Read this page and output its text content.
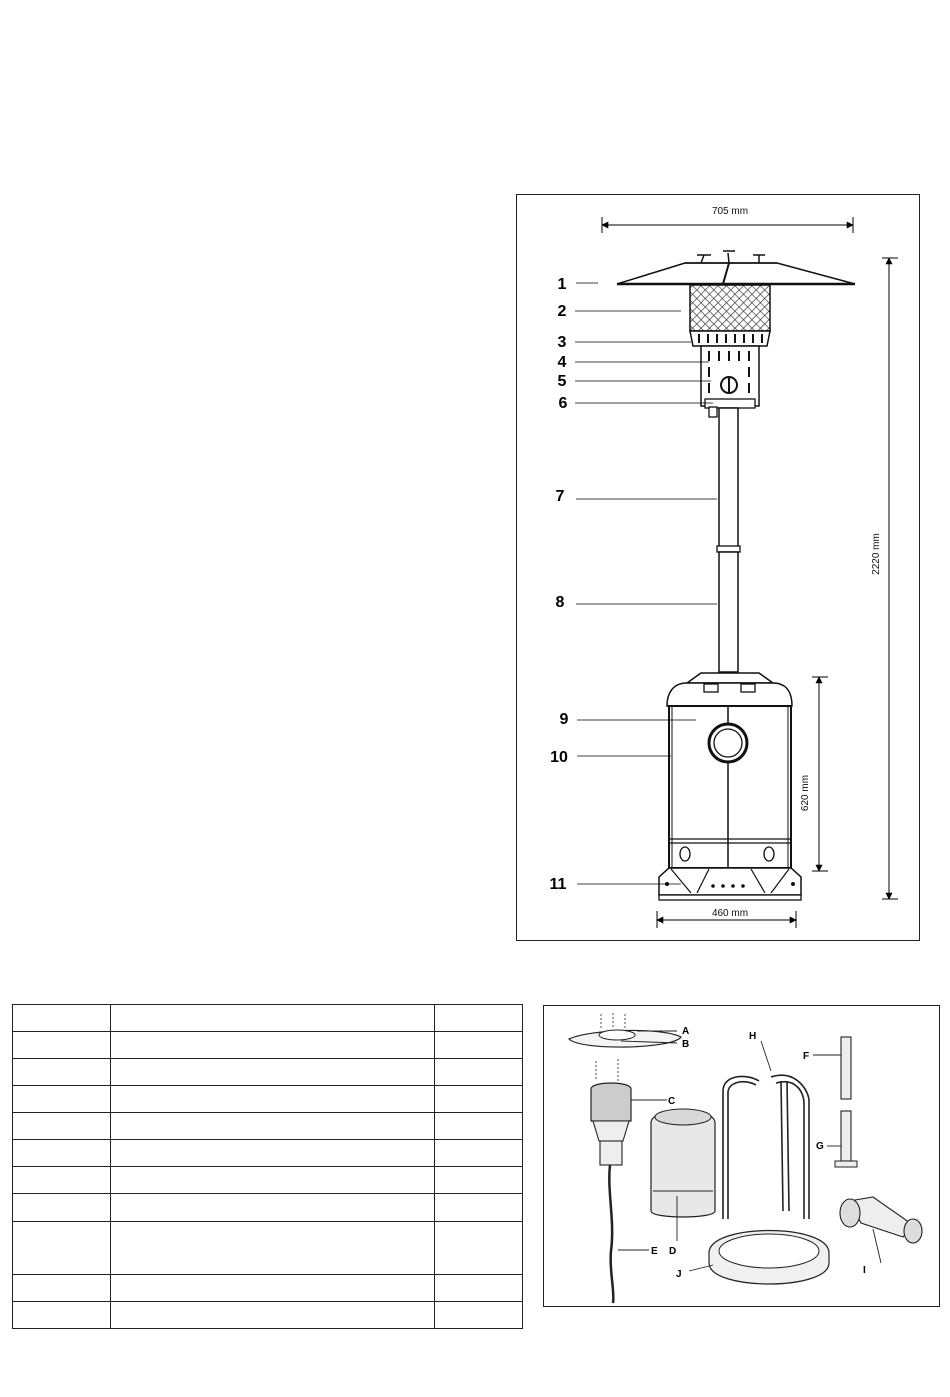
705 mm
2220 mm
620 mm
460 mm
1
2
3
4
5
6
7
8
9
10
11

A
B
C
D
E
F
G
H
I
J
